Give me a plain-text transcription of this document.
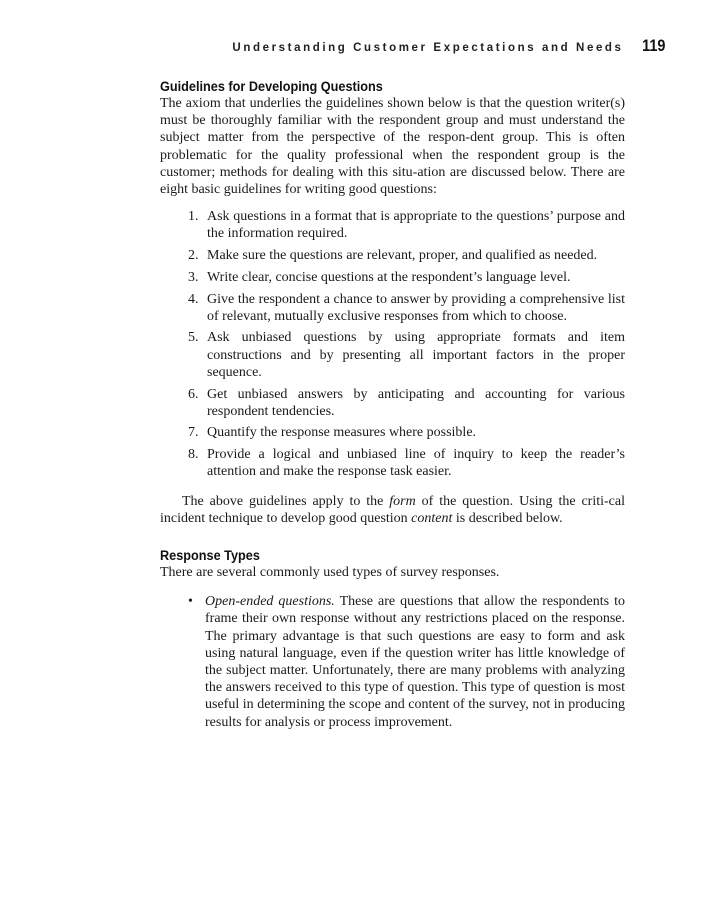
Understanding Customer Expectations and Needs 119
Guidelines for Developing Questions

The axiom that underlies the guidelines shown below is that the question writer(s) must be thoroughly familiar with the respondent group and must understand the subject matter from the perspective of the respon-dent group. This is often problematic for the quality professional when the respondent group is the customer; methods for dealing with this situ-ation are discussed below. There are eight basic guidelines for writing good questions:

1. Ask questions in a format that is appropriate to the questions’ purpose and the information required.
2. Make sure the questions are relevant, proper, and qualified as needed.
3. Write clear, concise questions at the respondent’s language level.
4. Give the respondent a chance to answer by providing a comprehensive list of relevant, mutually exclusive responses from which to choose.
5. Ask unbiased questions by using appropriate formats and item constructions and by presenting all important factors in the proper sequence.
6. Get unbiased answers by anticipating and accounting for various respondent tendencies.
7. Quantify the response measures where possible.
8. Provide a logical and unbiased line of inquiry to keep the reader’s attention and make the response task easier.

The above guidelines apply to the form of the question. Using the criti-cal incident technique to develop good question content is described below.

Response Types

There are several commonly used types of survey responses.

• Open-ended questions. These are questions that allow the respondents to frame their own response without any restrictions placed on the response. The primary advantage is that such questions are easy to form and ask using natural language, even if the question writer has little knowledge of the subject matter. Unfortunately, there are many problems with analyzing the answers received to this type of question. This type of question is most useful in determining the scope and content of the survey, not in producing results for analysis or process improvement.
